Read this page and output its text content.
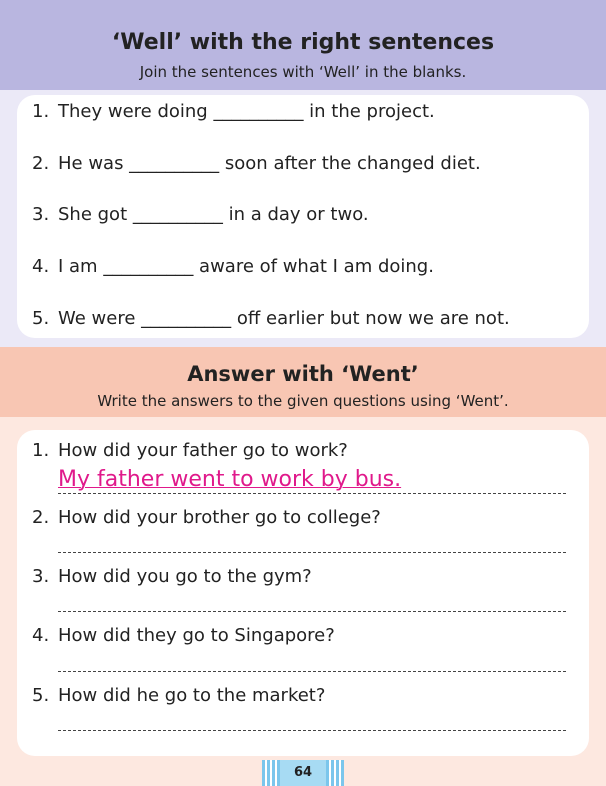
‘Well’ with the right sentences
Join the sentences with ‘Well’ in the blanks.
1. They were doing __________ in the project.
2. He was __________ soon after the changed diet.
3. She got __________ in a day or two.
4. I am __________ aware of what I am doing.
5. We were __________ off earlier but now we are not.
Answer with ‘Went’
Write the answers to the given questions using ‘Went’.
1. How did your father go to work?
My father went to work by bus.
2. How did your brother go to college?
3. How did you go to the gym?
4. How did they go to Singapore?
5. How did he go to the market?
64
